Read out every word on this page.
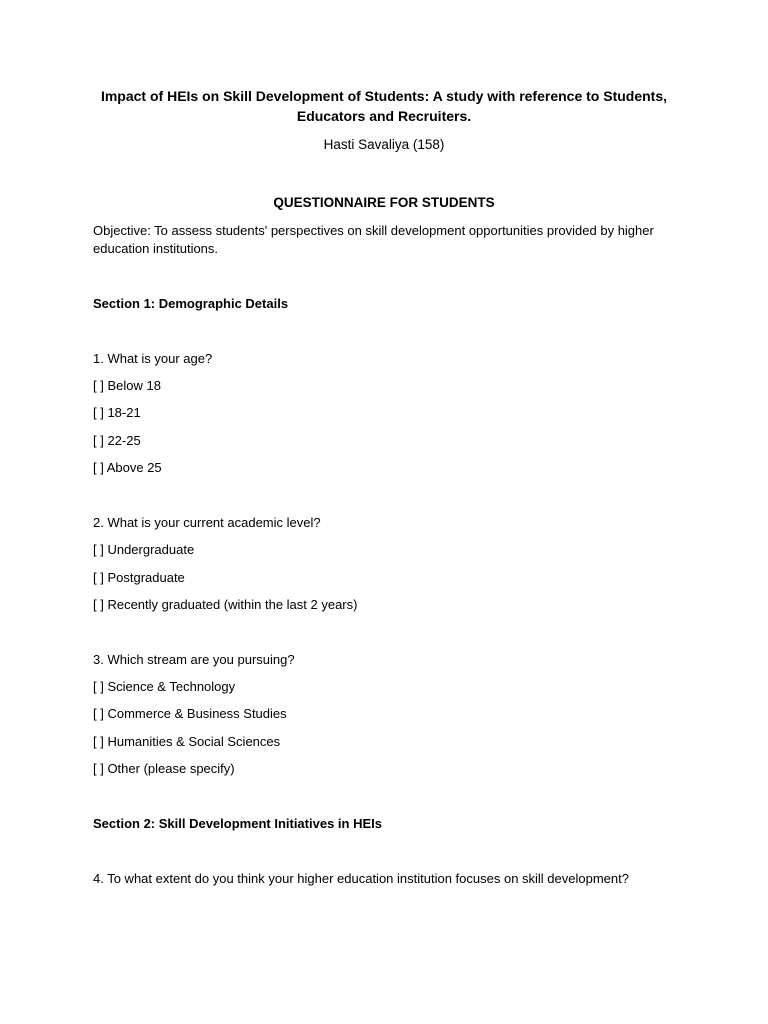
Impact of HEIs on Skill Development of Students: A study with reference to Students, Educators and Recruiters.
Hasti Savaliya (158)
QUESTIONNAIRE FOR STUDENTS
Objective: To assess students' perspectives on skill development opportunities provided by higher education institutions.
Section 1: Demographic Details
1. What is your age?
[ ] Below 18
[ ] 18-21
[ ] 22-25
[ ] Above 25
2. What is your current academic level?
[ ] Undergraduate
[ ] Postgraduate
[ ] Recently graduated (within the last 2 years)
3. Which stream are you pursuing?
[ ] Science & Technology
[ ] Commerce & Business Studies
[ ] Humanities & Social Sciences
[ ] Other (please specify)
Section 2: Skill Development Initiatives in HEIs
4. To what extent do you think your higher education institution focuses on skill development?
